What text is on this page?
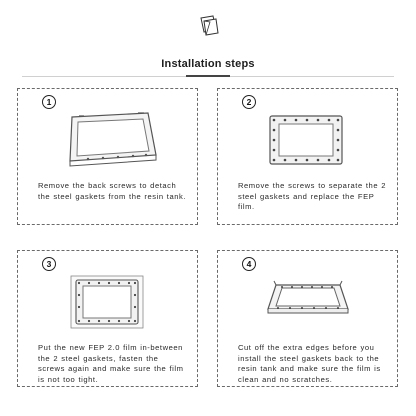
Installation steps
1
Remove the back screws to detach the steel gaskets from the resin tank.
2
Remove the screws to separate the 2 steel gaskets and replace the FEP film.
3
Put the new FEP 2.0 film in-between the 2 steel gaskets, fasten the screws again and make sure the film is not too tight.
4
Cut off the extra edges before you install the steel gaskets back to the resin tank and make sure the film is clean and no scratches.
